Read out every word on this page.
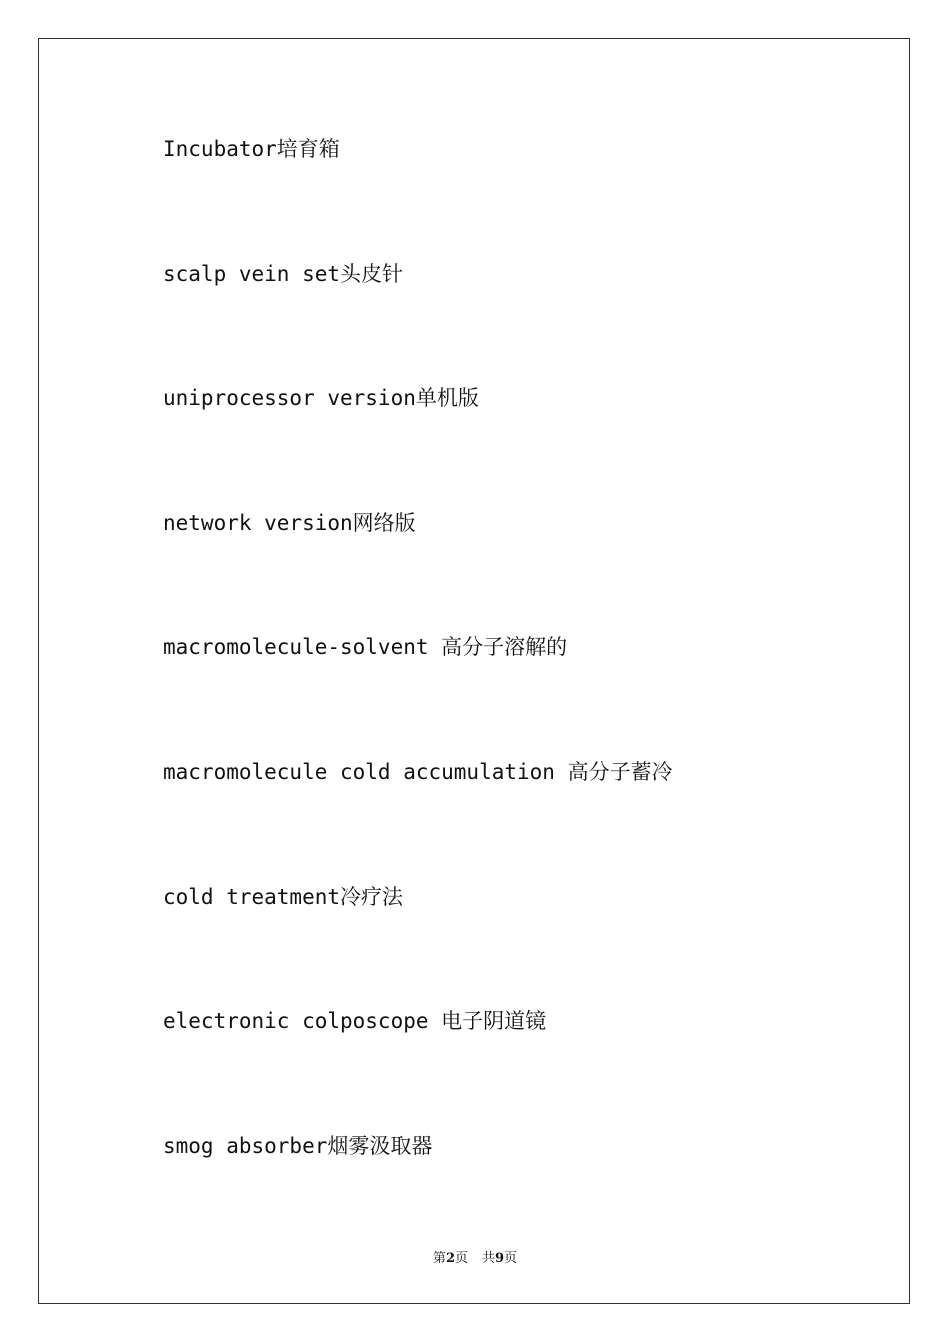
Incubator培育箱
scalp vein set头皮针
uniprocessor version单机版
network version网络版
macromolecule-solvent 高分子溶解的
macromolecule cold accumulation 高分子蓄冷
cold treatment冷疗法
electronic colposcope 电子阴道镜
smog absorber烟雾汲取器
第2页 共9页
